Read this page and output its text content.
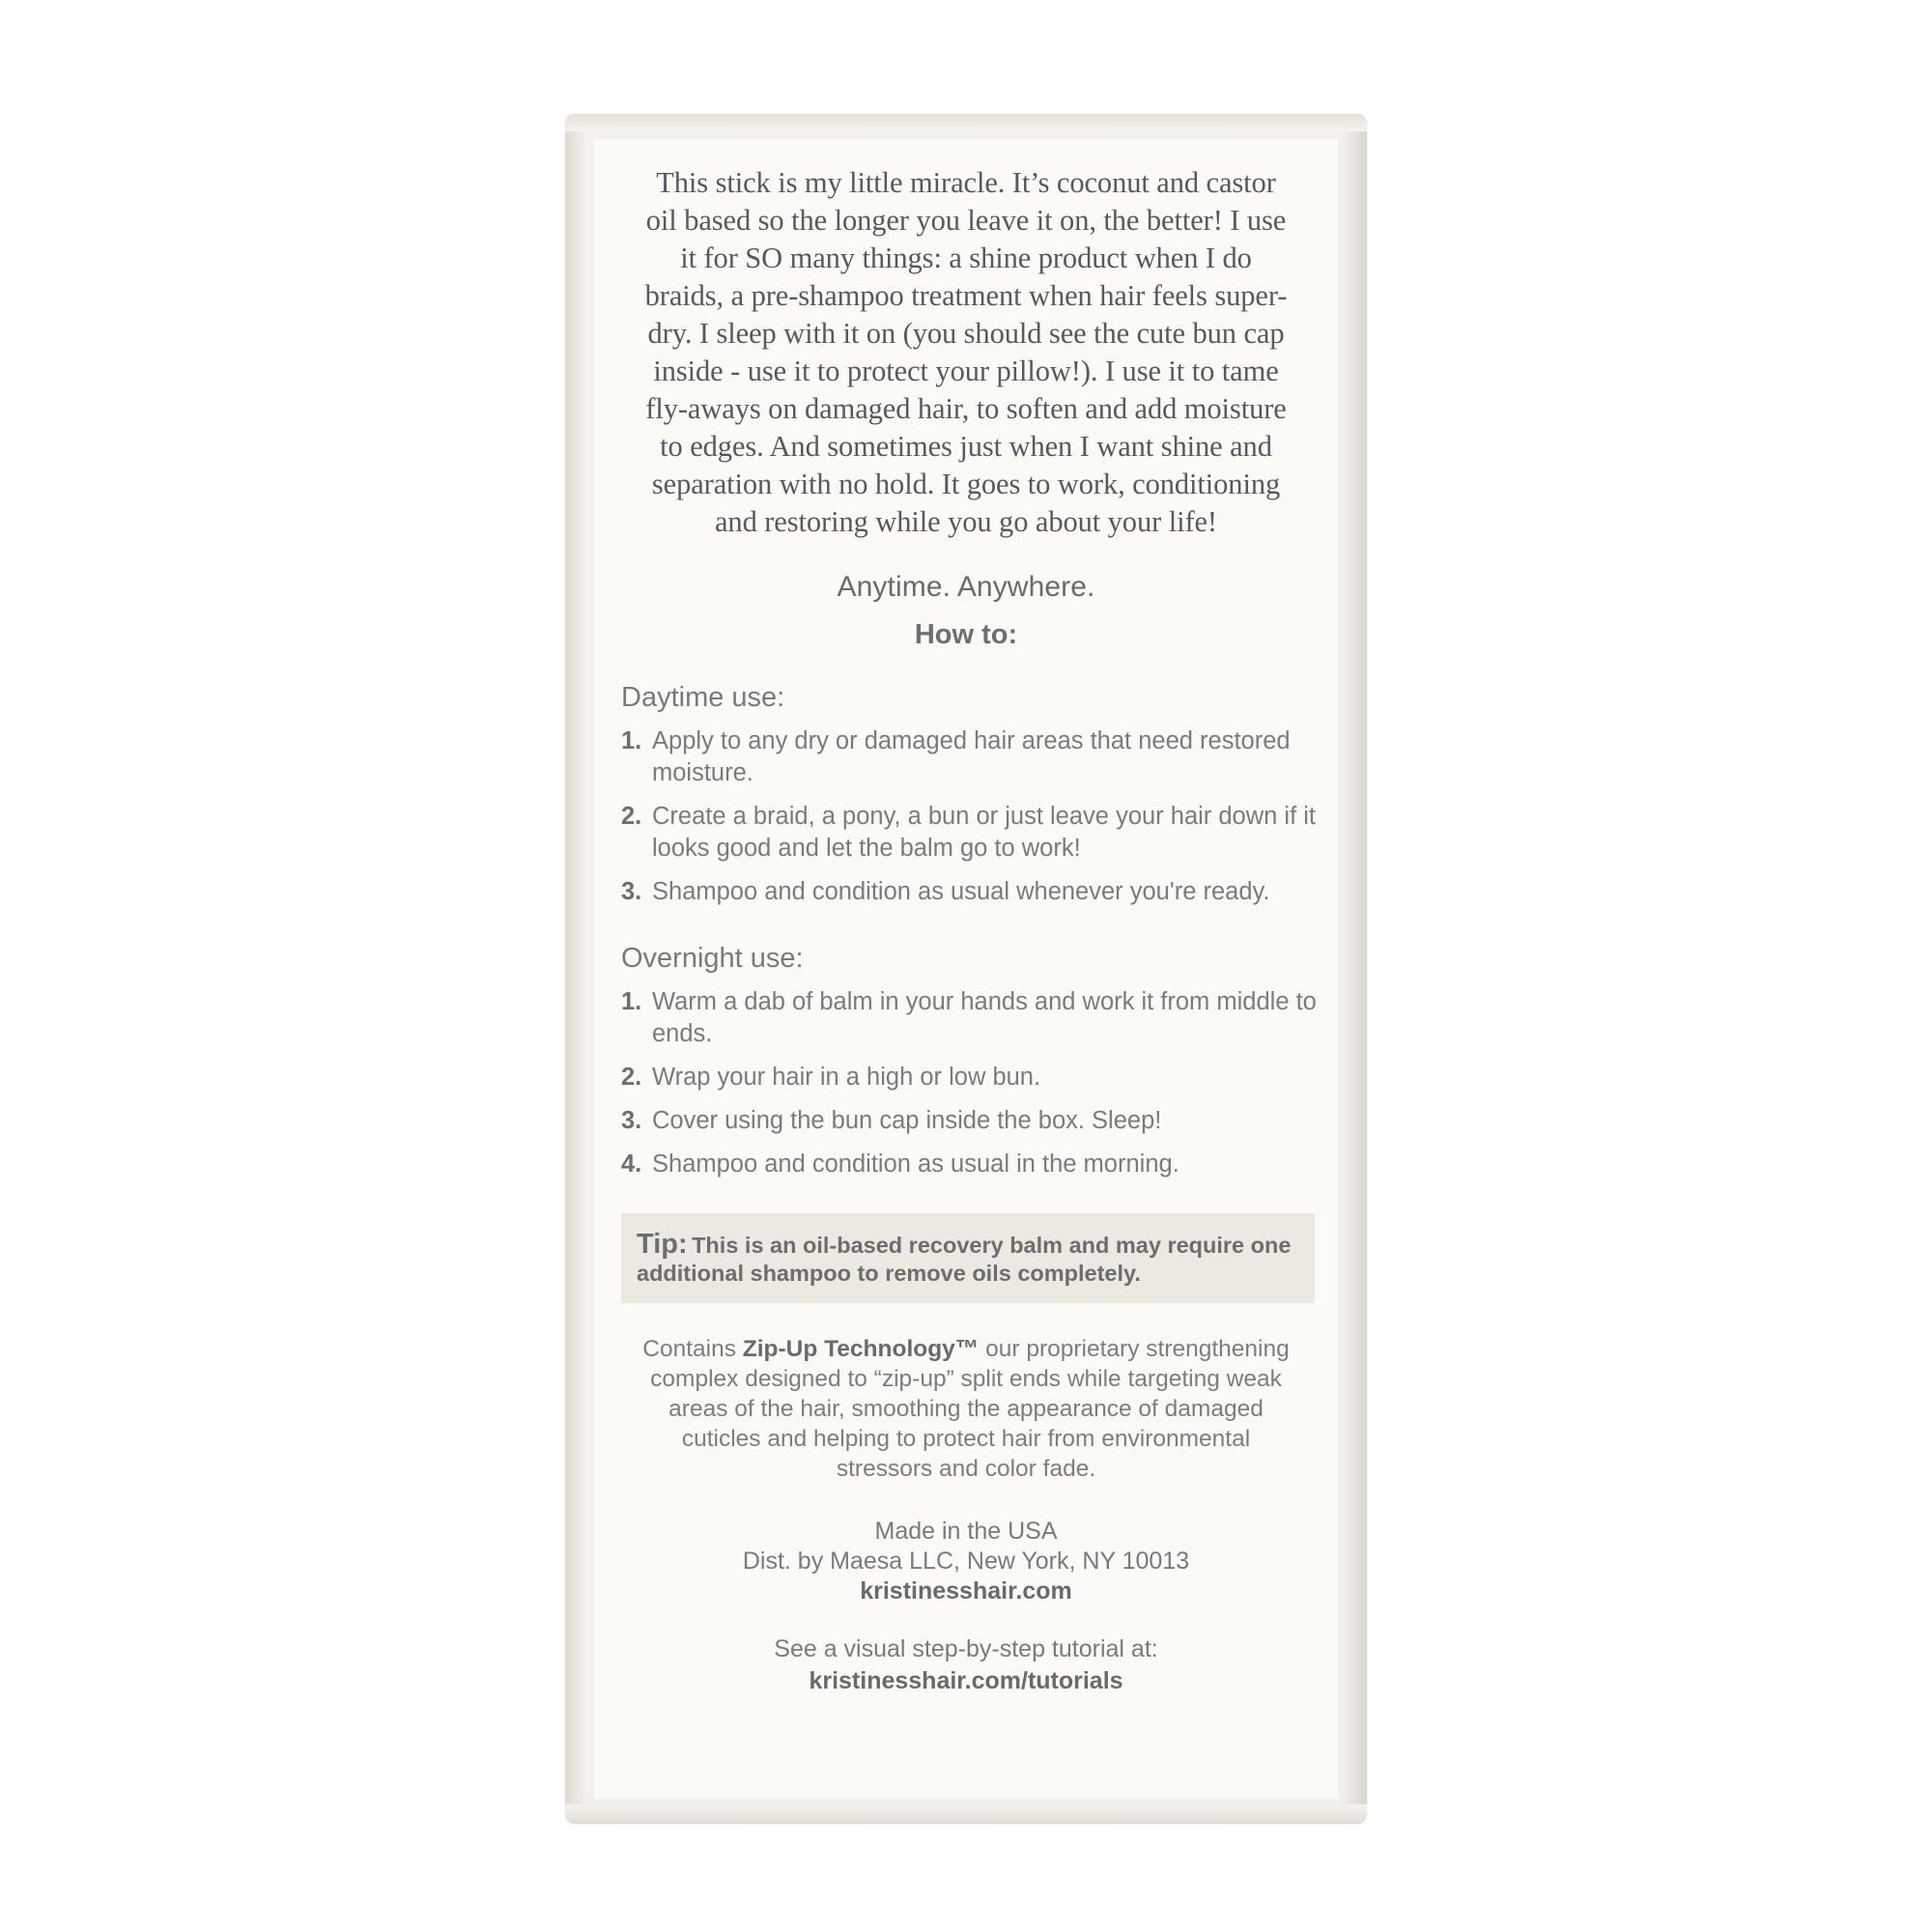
This stick is my little miracle. It’s coconut and castor oil based so the longer you leave it on, the better! I use it for SO many things: a shine product when I do braids, a pre-shampoo treatment when hair feels super-dry. I sleep with it on (you should see the cute bun cap inside - use it to protect your pillow!). I use it to tame fly-aways on damaged hair, to soften and add moisture to edges. And sometimes just when I want shine and separation with no hold. It goes to work, conditioning and restoring while you go about your life!

Anytime. Anywhere.
How to:
Daytime use:
1. Apply to any dry or damaged hair areas that need restored moisture.
2. Create a braid, a pony, a bun or just leave your hair down if it looks good and let the balm go to work!
3. Shampoo and condition as usual whenever you're ready.
Overnight use:
1. Warm a dab of balm in your hands and work it from middle to ends.
2. Wrap your hair in a high or low bun.
3. Cover using the bun cap inside the box. Sleep!
4. Shampoo and condition as usual in the morning.
Tip: This is an oil-based recovery balm and may require one additional shampoo to remove oils completely.

Contains Zip-Up Technology™ our proprietary strengthening complex designed to “zip-up” split ends while targeting weak areas of the hair, smoothing the appearance of damaged cuticles and helping to protect hair from environmental stressors and color fade.

Made in the USA
Dist. by Maesa LLC, New York, NY 10013
kristinesshair.com
See a visual step-by-step tutorial at:
kristinesshair.com/tutorials
